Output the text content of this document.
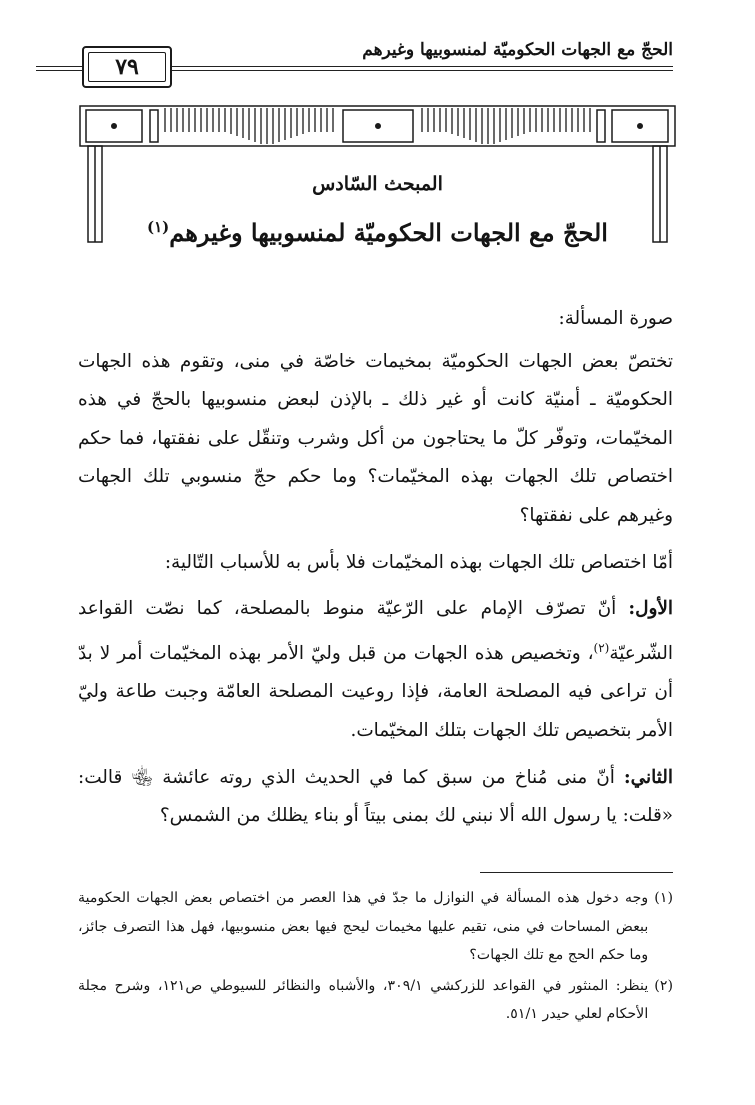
الحجّ مع الجهات الحكوميّة لمنسوبيها وغيرهم
٧٩
المبحث السّادس
الحجّ مع الجهات الحكوميّة لمنسوبيها وغيرهم$^{(١)}$

صورة المسألة:

تختصّ بعض الجهات الحكوميّة بمخيمات خاصّة في منى، وتقوم هذه الجهات الحكوميّة ـ أمنيّة كانت أو غير ذلك ـ بالإذن لبعض منسوبيها بالحجّ في هذه المخيّمات، وتوفّر كلّ ما يحتاجون من أكل وشرب وتنقّل على نفقتها، فما حكم اختصاص تلك الجهات بهذه المخيّمات؟ وما حكم حجّ منسوبي تلك الجهات وغيرهم على نفقتها؟

أمّا اختصاص تلك الجهات بهذه المخيّمات فلا بأس به للأسباب التّالية:

الأول: أنّ تصرّف الإمام على الرّعيّة منوط بالمصلحة، كما نصّت القواعد الشّرعيّة$^{(٢)}$، وتخصيص هذه الجهات من قبل وليّ الأمر بهذه المخيّمات أمر لا بدّ أن تراعى فيه المصلحة العامة، فإذا روعيت المصلحة العامّة وجبت طاعة وليّ الأمر بتخصيص تلك الجهات بتلك المخيّمات.

الثاني: أنّ منى مُناخ من سبق كما في الحديث الذي روته عائشة ﵄ قالت: «قلت: يا رسول الله ألا نبني لك بمنى بيتاً أو بناء يظلك من الشمس؟

(١)
وجه دخول هذه المسألة في النوازل ما جدّ في هذا العصر من اختصاص بعض الجهات الحكومية ببعض المساحات في منى، تقيم عليها مخيمات ليحج فيها بعض منسوبيها، فهل هذا التصرف جائز، وما حكم الحج مع تلك الجهات؟
(٢)
ينظر: المنثور في القواعد للزركشي ٣٠٩/١، والأشباه والنظائر للسيوطي ص١٢١، وشرح مجلة الأحكام لعلي حيدر ٥١/١.
